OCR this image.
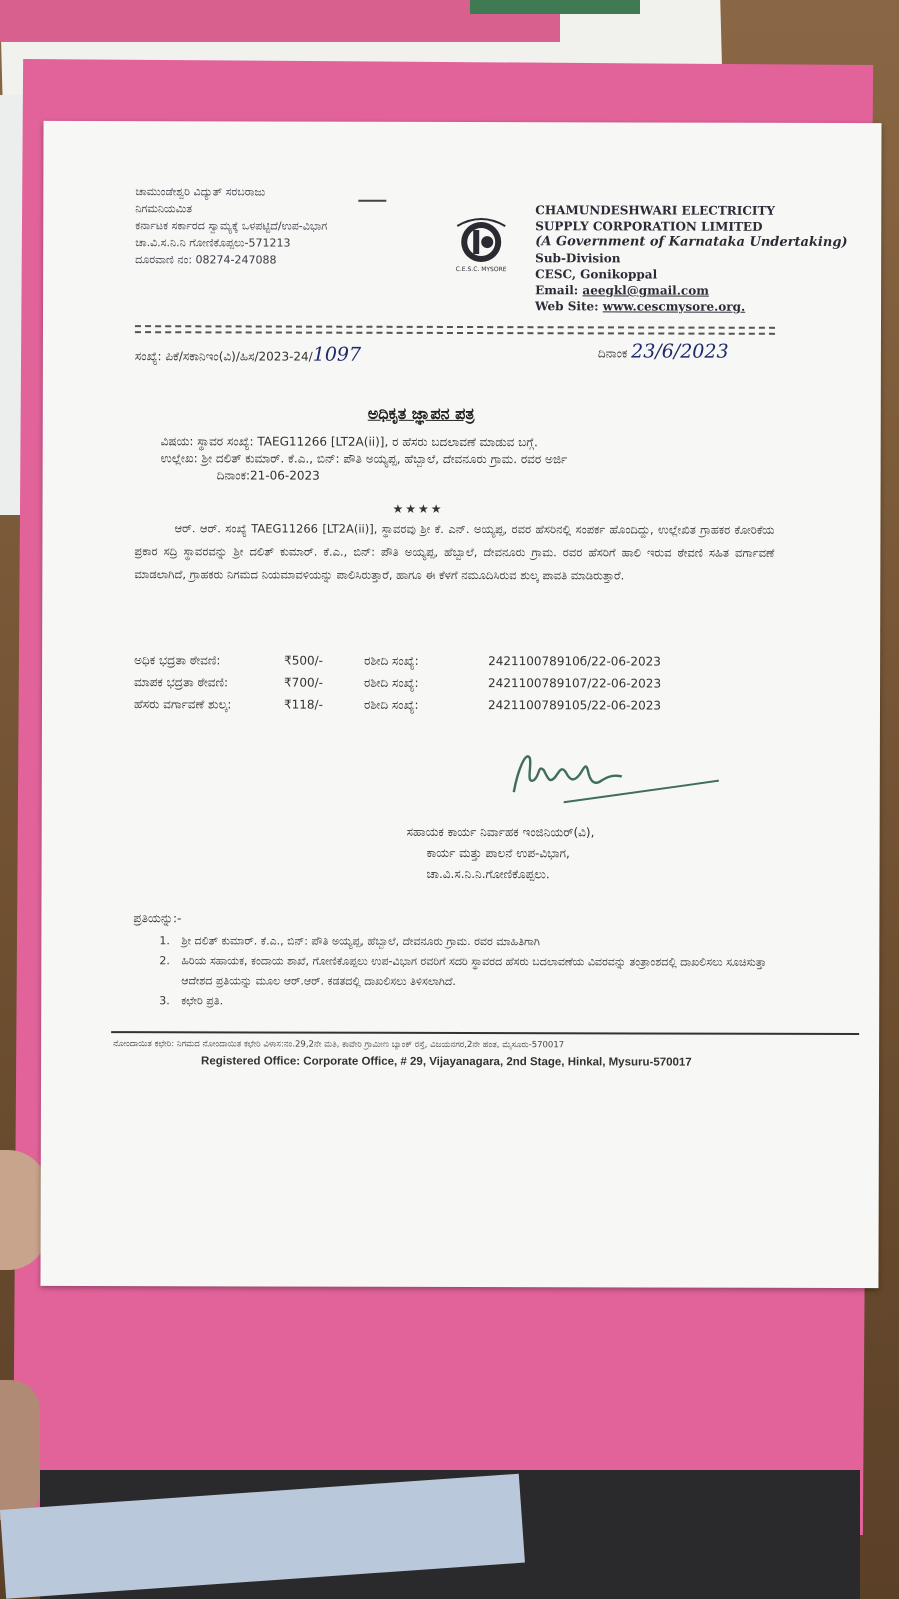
ಚಾಮುಂಡೇಶ್ವರಿ ವಿದ್ಯುತ್ ಸರಬರಾಜು
ನಿಗಮನಿಯಮಿತ
ಕರ್ನಾಟಕ ಸರ್ಕಾರದ ಸ್ವಾಮ್ಯಕ್ಕೆ ಒಳಪಟ್ಟಿದೆ/ಉಪ-ವಿಭಾಗ
ಚಾ.ವಿ.ಸ.ನಿ.ನಿ ಗೋಣಿಕೊಪ್ಪಲು-571213
ದೂರವಾಣಿ ನಂ: 08274-247088
C.E.S.C. MYSORE
CHAMUNDESHWARI ELECTRICITY
SUPPLY CORPORATION LIMITED
(A Government of Karnataka Undertaking)
Sub-Division
CESC, Gonikoppal
Email: aeegkl@gmail.com
Web Site: www.cescmysore.org.
ಸಂಖ್ಯೆ: ಪಿಕೆ/ಸಕಾನಿಇಂ(ವಿ)/ಹಿಸ/2023-24/1097	ದಿನಾಂಕ 23/6/2023
ಅಧಿಕೃತ ಜ್ಞಾಪನ ಪತ್ರ
ವಿಷಯ: ಸ್ಥಾವರ ಸಂಖ್ಯೆ: TAEG11266 [LT2A(ii)], ರ ಹೆಸರು ಬದಲಾವಣೆ ಮಾಡುವ ಬಗ್ಗೆ.
ಉಲ್ಲೇಖ: ಶ್ರೀ ದಲಿತ್ ಕುಮಾರ್. ಕೆ.ಎ., ಬಿನ್: ಪೌತಿ ಅಯ್ಯಪ್ಪ, ಹೆಬ್ಬಾಲೆ, ದೇವನೂರು ಗ್ರಾಮ. ರವರ ಅರ್ಜಿ
ದಿನಾಂಕ:21-06-2023
★★★★
ಆರ್. ಆರ್. ಸಂಖ್ಯೆ TAEG11266 [LT2A(ii)], ಸ್ಥಾವರವು ಶ್ರೀ ಕೆ. ಎನ್. ಅಯ್ಯಪ್ಪ, ರವರ ಹೆಸರಿನಲ್ಲಿ ಸಂಪರ್ಕ ಹೊಂದಿದ್ದು, ಉಲ್ಲೇಖಿತ ಗ್ರಾಹಕರ ಕೋರಿಕೆಯ ಪ್ರಕಾರ ಸದ್ರಿ ಸ್ಥಾವರವನ್ನು ಶ್ರೀ ದಲಿತ್ ಕುಮಾರ್. ಕೆ.ಎ., ಬಿನ್: ಪೌತಿ ಅಯ್ಯಪ್ಪ, ಹೆಬ್ಬಾಲೆ, ದೇವನೂರು ಗ್ರಾಮ. ರವರ ಹೆಸರಿಗೆ ಹಾಲಿ ಇರುವ ಠೇವಣಿ ಸಹಿತ ವರ್ಗಾವಣೆ ಮಾಡಲಾಗಿದೆ, ಗ್ರಾಹಕರು ನಿಗಮದ ನಿಯಮಾವಳಿಯನ್ನು ಪಾಲಿಸಿರುತ್ತಾರೆ, ಹಾಗೂ ಈ ಕೆಳಗೆ ನಮೂದಿಸಿರುವ ಶುಲ್ಕ ಪಾವತಿ ಮಾಡಿರುತ್ತಾರೆ.
ಅಧಿಕ ಭದ್ರತಾ ಠೇವಣಿ:	₹500/-	ರಶೀದಿ ಸಂಖ್ಯೆ:	242110078910б/22-06-2023
ಮಾಪಕ ಭದ್ರತಾ ಠೇವಣಿ:	₹700/-	ರಶೀದಿ ಸಂಖ್ಯೆ:	2421100789107/22-06-2023
ಹೆಸರು ವರ್ಗಾವಣೆ ಶುಲ್ಕ:	₹118/-	ರಶೀದಿ ಸಂಖ್ಯೆ:	2421100789105/22-06-2023
ಸಹಾಯಕ ಕಾರ್ಯ ನಿರ್ವಾಹಕ ಇಂಜಿನಿಯರ್(ವಿ),
ಕಾರ್ಯ ಮತ್ತು ಪಾಲನೆ ಉಪ-ವಿಭಾಗ,
ಚಾ.ವಿ.ಸ.ನಿ.ನಿ.ಗೋಣಿಕೊಪ್ಪಲು.
ಪ್ರತಿಯನ್ನು:-
1.	ಶ್ರೀ ದಲಿತ್ ಕುಮಾರ್. ಕೆ.ಎ., ಬಿನ್: ಪೌತಿ ಅಯ್ಯಪ್ಪ, ಹೆಬ್ಬಾಲೆ, ದೇವನೂರು ಗ್ರಾಮ. ರವರ ಮಾಹಿತಿಗಾಗಿ
2.	ಹಿರಿಯ ಸಹಾಯಕ, ಕಂದಾಯ ಶಾಖೆ, ಗೋಣಿಕೊಪ್ಪಲು ಉಪ-ವಿಭಾಗ ರವರಿಗೆ ಸದರಿ ಸ್ಥಾವರದ ಹೆಸರು ಬದಲಾವಣೆಯ ವಿವರವನ್ನು ತಂತ್ರಾಂಶದಲ್ಲಿ ದಾಖಲಿಸಲು ಸೂಚಿಸುತ್ತಾ ಆದೇಶದ ಪ್ರತಿಯನ್ನು ಮೂಲ ಆರ್.ಆರ್. ಕಡತದಲ್ಲಿ ದಾಖಲಿಸಲು ತಿಳಿಸಲಾಗಿದೆ.
3.	ಕಛೇರಿ ಪ್ರತಿ.
ನೋಂದಾಯಿತ ಕಛೇರಿ: ನಿಗಮದ ನೋಂದಾಯಿತ ಕಛೇರಿ ವಿಳಾಸ:ನಂ.29,2ನೇ ಮತಿ, ಕಾವೇರಿ ಗ್ರಾಮೀಣ ಬ್ಯಾಂಕ್ ರಸ್ತೆ, ವಿಜಯನಗರ,2ನೇ ಹಂತ, ಮೈಸೂರು-570017
Registered Office: Corporate Office, # 29, Vijayanagara, 2nd Stage, Hinkal, Mysuru-570017
